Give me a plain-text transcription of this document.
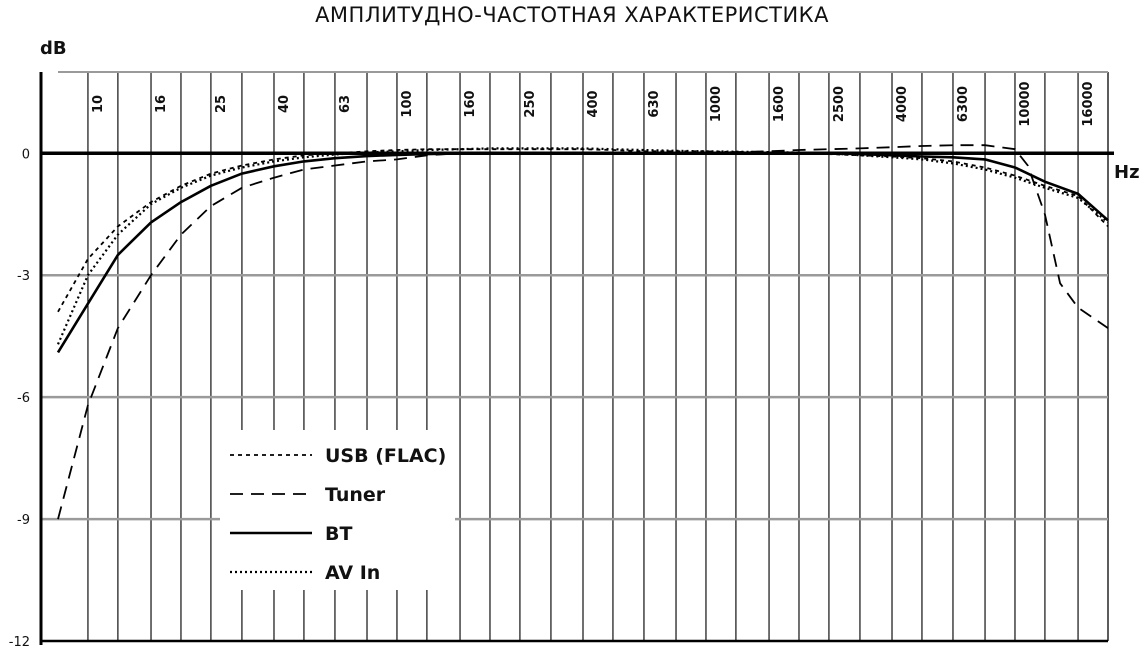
АМПЛИТУДНО-ЧАСТОТНАЯ ХАРАКТЕРИСТИКА
dB
Hz
0
-3
-6
-9
-12
10	16	25	40	63	100	160	250	400	630	1000	1600	2500	4000	6300	10000	16000
USB (FLAC)
Tuner
BT
AV In
